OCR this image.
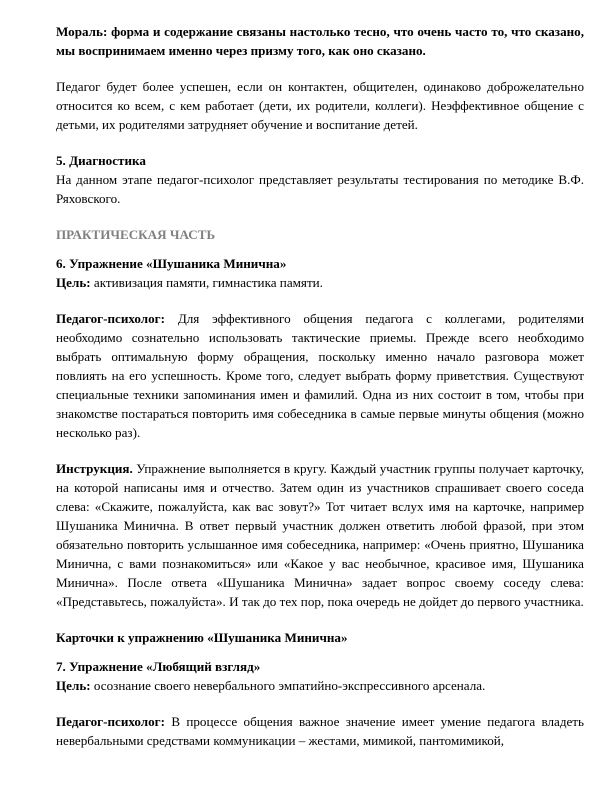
Мораль: форма и содержание связаны настолько тесно, что очень часто то, что сказано, мы воспринимаем именно через призму того, как оно сказано.

Педагог будет более успешен, если он контактен, общителен, одинаково доброжелательно относится ко всем, с кем работает (дети, их родители, коллеги). Неэффективное общение с детьми, их родителями затрудняет обучение и воспитание детей.

5. Диагностика

На данном этапе педагог-психолог представляет результаты тестирования по методике В.Ф. Ряховского.

ПРАКТИЧЕСКАЯ ЧАСТЬ

6. Упражнение «Шушаника Минична»

Цель: активизация памяти, гимнастика памяти.

Педагог-психолог: Для эффективного общения педагога с коллегами, родителями необходимо сознательно использовать тактические приемы. Прежде всего необходимо выбрать оптимальную форму обращения, поскольку именно начало разговора может повлиять на его успешность. Кроме того, следует выбрать форму приветствия. Существуют специальные техники запоминания имен и фамилий. Одна из них состоит в том, чтобы при знакомстве постараться повторить имя собеседника в самые первые минуты общения (можно несколько раз).

Инструкция. Упражнение выполняется в кругу. Каждый участник группы получает карточку, на которой написаны имя и отчество. Затем один из участников спрашивает своего соседа слева: «Скажите, пожалуйста, как вас зовут?» Тот читает вслух имя на карточке, например Шушаника Миничнa. В ответ первый участник должен ответить любой фразой, при этом обязательно повторить услышанное имя собеседника, например: «Очень приятно, Шушаника Миничнa, с вами познакомиться» или «Какое у вас необычное, красивое имя, Шушаника Миничнa». После ответа «Шушаника Миничнa» задает вопрос своему соседу слева: «Представьтесь, пожалуйста». И так до тех пор, пока очередь не дойдет до первого участника.

Карточки к упражнению «Шушаника Миничнa»

7. Упражнение «Любящий взгляд»

Цель: осознание своего невербального эмпатийно-экспрессивного арсенала.

Педагог-психолог: В процессе общения важное значение имеет умение педагога владеть невербальными средствами коммуникации – жестами, мимикой, пантомимикой,
